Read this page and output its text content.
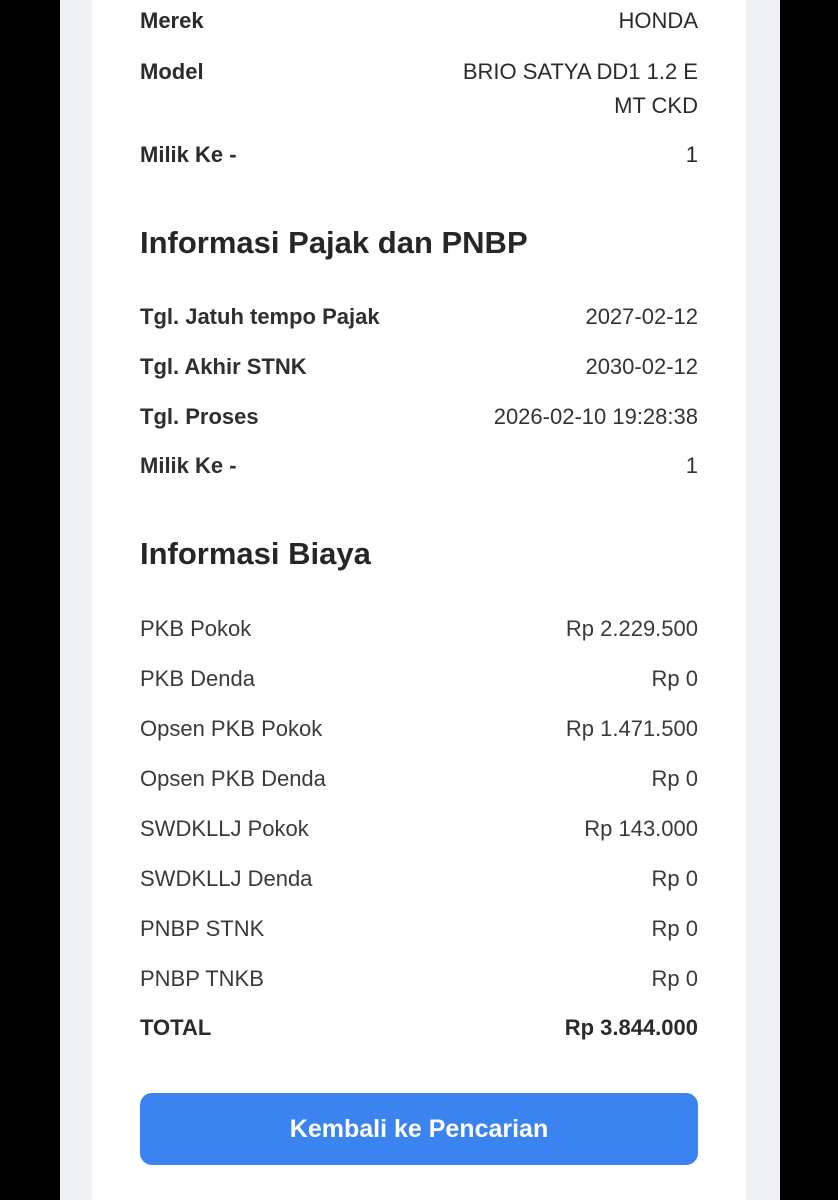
Merek	HONDA
Model	BRIO SATYA DD1 1.2 E MT CKD
Milik Ke -	1
Informasi Pajak dan PNBP
Tgl. Jatuh tempo Pajak	2027-02-12
Tgl. Akhir STNK	2030-02-12
Tgl. Proses	2026-02-10 19:28:38
Milik Ke -	1
Informasi Biaya
PKB Pokok	Rp 2.229.500
PKB Denda	Rp 0
Opsen PKB Pokok	Rp 1.471.500
Opsen PKB Denda	Rp 0
SWDKLLJ Pokok	Rp 143.000
SWDKLLJ Denda	Rp 0
PNBP STNK	Rp 0
PNBP TNKB	Rp 0
TOTAL	Rp 3.844.000
Kembali ke Pencarian
